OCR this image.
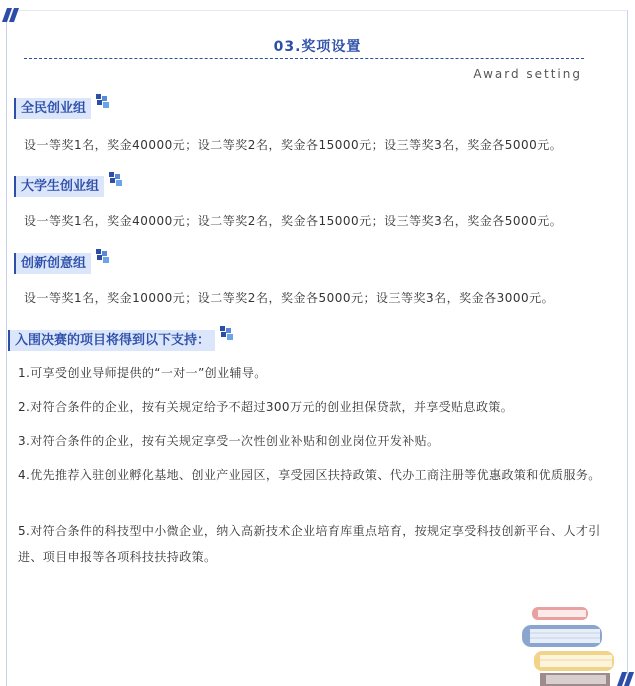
03.奖项设置
Award setting
全民创业组
设一等奖1名，奖金40000元；设二等奖2名，奖金各15000元；设三等奖3名，奖金各5000元。
大学生创业组
设一等奖1名，奖金40000元；设二等奖2名，奖金各15000元；设三等奖3名，奖金各5000元。
创新创意组
设一等奖1名，奖金10000元；设二等奖2名，奖金各5000元；设三等奖3名，奖金各3000元。
入围决赛的项目将得到以下支持：
1.可享受创业导师提供的“一对一”创业辅导。
2.对符合条件的企业，按有关规定给予不超过300万元的创业担保贷款，并享受贴息政策。
3.对符合条件的企业，按有关规定享受一次性创业补贴和创业岗位开发补贴。
4.优先推荐入驻创业孵化基地、创业产业园区，享受园区扶持政策、代办工商注册等优惠政策和优质服务。
5.对符合条件的科技型中小微企业，纳入高新技术企业培育库重点培育，按规定享受科技创新平台、人才引进、项目申报等各项科技扶持政策。
